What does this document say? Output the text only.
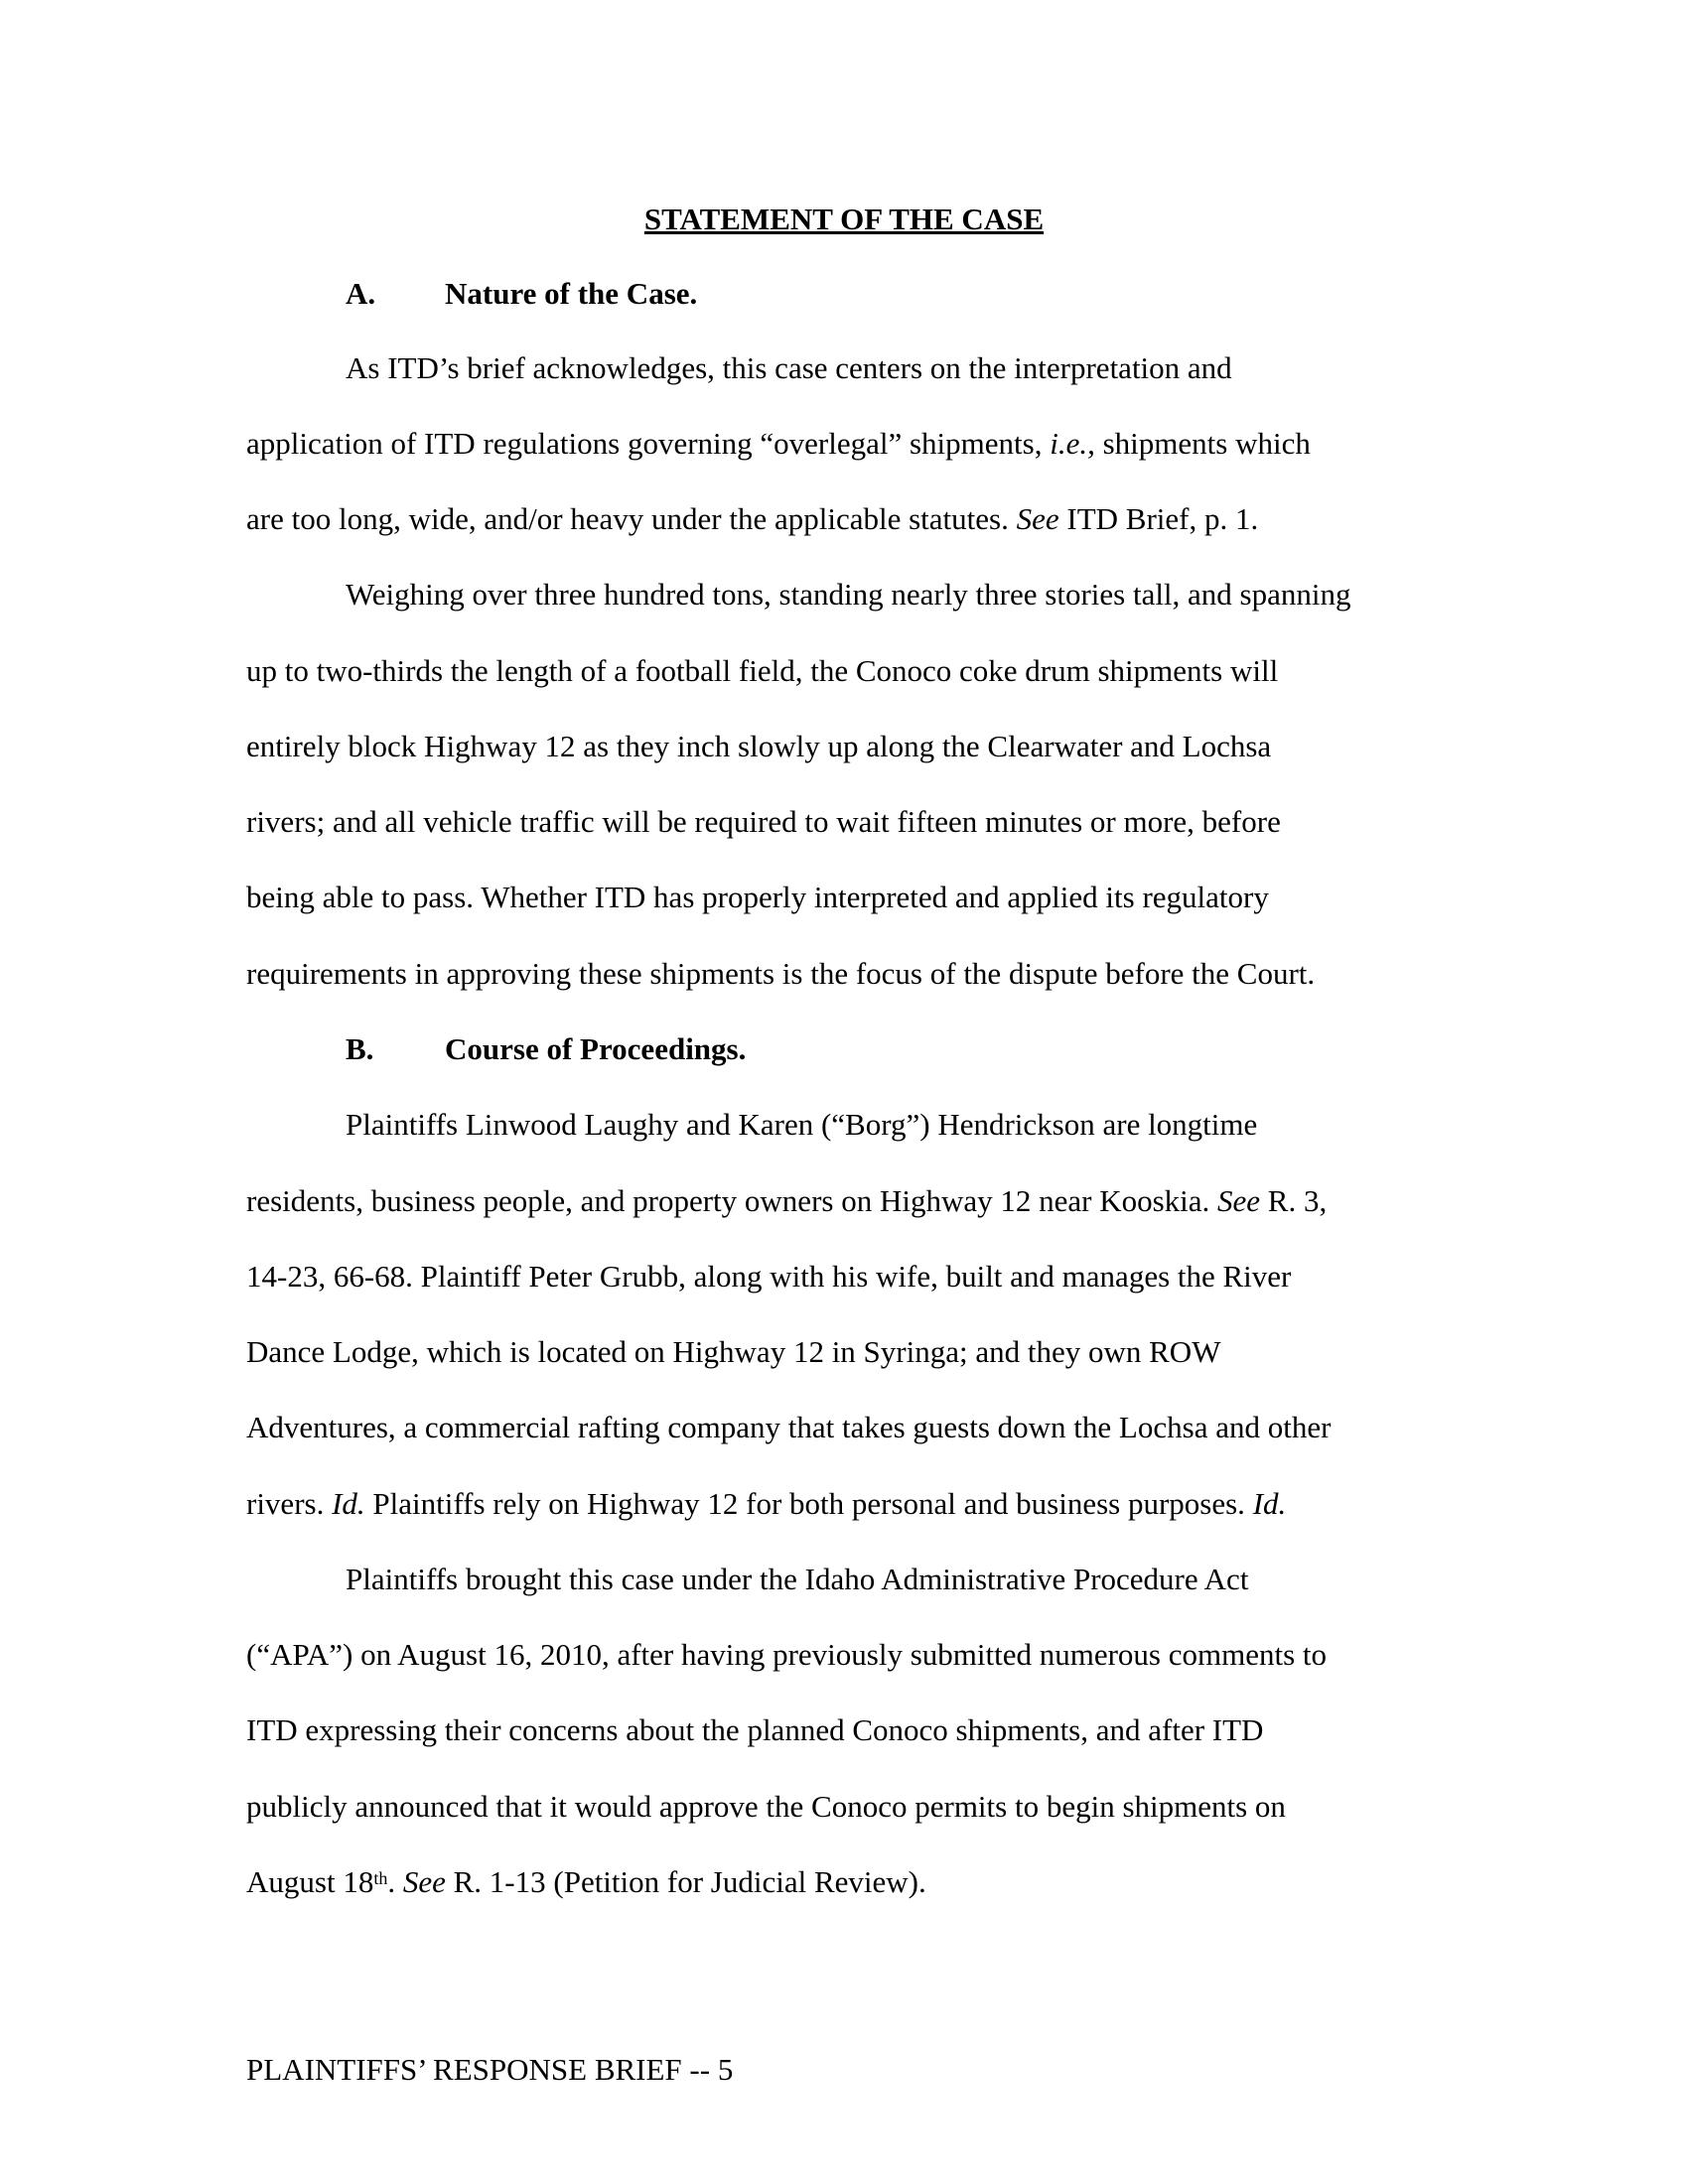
STATEMENT OF THE CASE
A. Nature of the Case.
As ITD’s brief acknowledges, this case centers on the interpretation and
application of ITD regulations governing “overlegal” shipments, i.e., shipments which
are too long, wide, and/or heavy under the applicable statutes. See ITD Brief, p. 1.
Weighing over three hundred tons, standing nearly three stories tall, and spanning
up to two-thirds the length of a football field, the Conoco coke drum shipments will
entirely block Highway 12 as they inch slowly up along the Clearwater and Lochsa
rivers; and all vehicle traffic will be required to wait fifteen minutes or more, before
being able to pass. Whether ITD has properly interpreted and applied its regulatory
requirements in approving these shipments is the focus of the dispute before the Court.
B. Course of Proceedings.
Plaintiffs Linwood Laughy and Karen (“Borg”) Hendrickson are longtime
residents, business people, and property owners on Highway 12 near Kooskia. See R. 3,
14-23, 66-68. Plaintiff Peter Grubb, along with his wife, built and manages the River
Dance Lodge, which is located on Highway 12 in Syringa; and they own ROW
Adventures, a commercial rafting company that takes guests down the Lochsa and other
rivers. Id. Plaintiffs rely on Highway 12 for both personal and business purposes. Id.
Plaintiffs brought this case under the Idaho Administrative Procedure Act
(“APA”) on August 16, 2010, after having previously submitted numerous comments to
ITD expressing their concerns about the planned Conoco shipments, and after ITD
publicly announced that it would approve the Conoco permits to begin shipments on
August 18th. See R. 1-13 (Petition for Judicial Review).
PLAINTIFFS’ RESPONSE BRIEF -- 5
